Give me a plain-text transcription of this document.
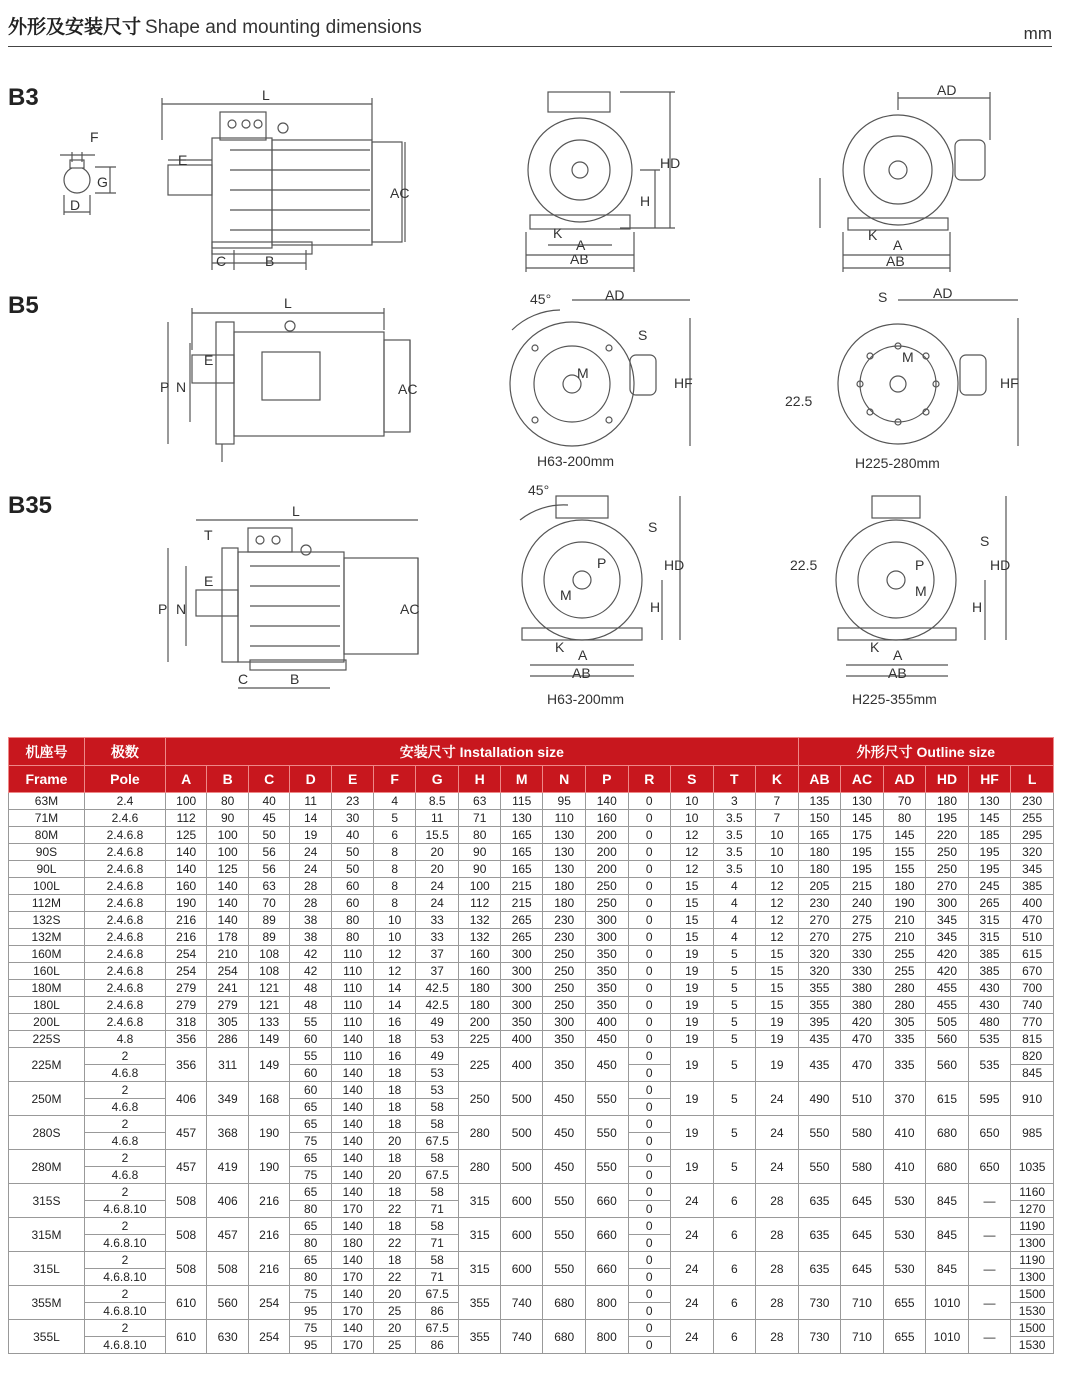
外形及安装尺寸 Shape and mounting dimensions	mm
B3
B5
B35
F
G
D
L
E
AC
C	B
HD
H
K
A
AB
AD
K
A
AB
L
E
P N	AC
45°	AD
S
M
HF
H63-200mm
S	AD
22.5
M
HF
H225-280mm
L
T
E
P N	AC
C	B
45°
S
P
M
HD
H
K A
AB
H63-200mm
22.5
S
P
M
HD
H
K A
AB
H225-355mm
机座号	极数	安装尺寸 Installation size															外形尺寸 Outline size					
Frame	Pole	A	B	C	D	E	F	G	H	M	N	P	R	S	T	K	AB	AC	AD	HD	HF	L
63M	2.4	100	80	40	11	23	4	8.5	63	115	95	140	0	10	3	7	135	130	70	180	130	230
71M	2.4.6	112	90	45	14	30	5	11	71	130	110	160	0	10	3.5	7	150	145	80	195	145	255
80M	2.4.6.8	125	100	50	19	40	6	15.5	80	165	130	200	0	12	3.5	10	165	175	145	220	185	295
90S	2.4.6.8	140	100	56	24	50	8	20	90	165	130	200	0	12	3.5	10	180	195	155	250	195	320
90L	2.4.6.8	140	125	56	24	50	8	20	90	165	130	200	0	12	3.5	10	180	195	155	250	195	345
100L	2.4.6.8	160	140	63	28	60	8	24	100	215	180	250	0	15	4	12	205	215	180	270	245	385
112M	2.4.6.8	190	140	70	28	60	8	24	112	215	180	250	0	15	4	12	230	240	190	300	265	400
132S	2.4.6.8	216	140	89	38	80	10	33	132	265	230	300	0	15	4	12	270	275	210	345	315	470
132M	2.4.6.8	216	178	89	38	80	10	33	132	265	230	300	0	15	4	12	270	275	210	345	315	510
160M	2.4.6.8	254	210	108	42	110	12	37	160	300	250	350	0	19	5	15	320	330	255	420	385	615
160L	2.4.6.8	254	254	108	42	110	12	37	160	300	250	350	0	19	5	15	320	330	255	420	385	670
180M	2.4.6.8	279	241	121	48	110	14	42.5	180	300	250	350	0	19	5	15	355	380	280	455	430	700
180L	2.4.6.8	279	279	121	48	110	14	42.5	180	300	250	350	0	19	5	15	355	380	280	455	430	740
200L	2.4.6.8	318	305	133	55	110	16	49	200	350	300	400	0	19	5	19	395	420	305	505	480	770
225S	4.8	356	286	149	60	140	18	53	225	400	350	450	0	19	5	19	435	470	335	560	535	815
225M	2	356	311	149	55	110	16	49	225	400	350	450	0	19	5	19	435	470	335	560	535	820
	4.6.8				60	140	18	53					0									845
250M	2	406	349	168	60	140	18	53	250	500	450	550	0	19	5	24	490	510	370	615	595	910
	4.6.8				65	140	18	58					0									
280S	2	457	368	190	65	140	18	58	280	500	450	550	0	19	5	24	550	580	410	680	650	985
	4.6.8				75	140	20	67.5					0									
280M	2	457	419	190	65	140	18	58	280	500	450	550	0	19	5	24	550	580	410	680	650	1035
	4.6.8				75	140	20	67.5					0									
315S	2	508	406	216	65	140	18	58	315	600	550	660	0	24	6	28	635	645	530	845	—	1160
	4.6.8.10				80	170	22	71					0									1270
315M	2	508	457	216	65	140	18	58	315	600	550	660	0	24	6	28	635	645	530	845	—	1190
	4.6.8.10				80	180	22	71					0									1300
315L	2	508	508	216	65	140	18	58	315	600	550	660	0	24	6	28	635	645	530	845	—	1190
	4.6.8.10				80	170	22	71					0									1300
355M	2	610	560	254	75	140	20	67.5	355	740	680	800	0	24	6	28	730	710	655	1010	—	1500
	4.6.8.10				95	170	25	86					0									1530
355L	2	610	630	254	75	140	20	67.5	355	740	680	800	0	24	6	28	730	710	655	1010	—	1500
	4.6.8.10				95	170	25	86					0									1530
